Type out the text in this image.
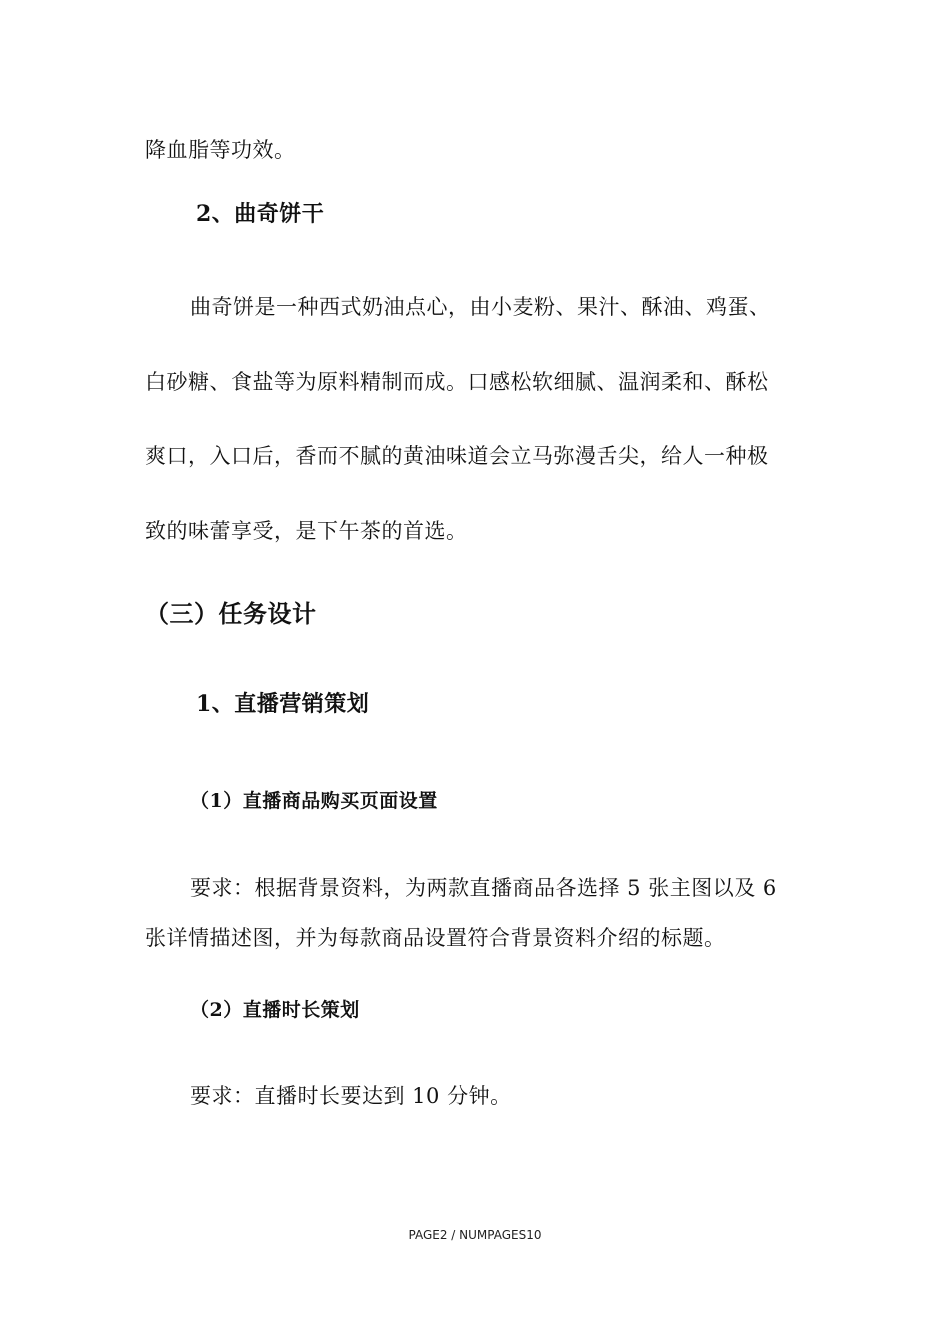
降血脂等功效。
2、曲奇饼干
曲奇饼是一种西式奶油点心，由小麦粉、果汁、酥油、鸡蛋、
白砂糖、食盐等为原料精制而成。口感松软细腻、温润柔和、酥松
爽口，入口后，香而不腻的黄油味道会立马弥漫舌尖，给人一种极
致的味蕾享受，是下午茶的首选。
（三）任务设计
1、直播营销策划
（1）直播商品购买页面设置
要求：根据背景资料，为两款直播商品各选择 5 张主图以及 6
张详情描述图，并为每款商品设置符合背景资料介绍的标题。
（2）直播时长策划
要求：直播时长要达到 10 分钟。
PAGE2 / NUMPAGES10
